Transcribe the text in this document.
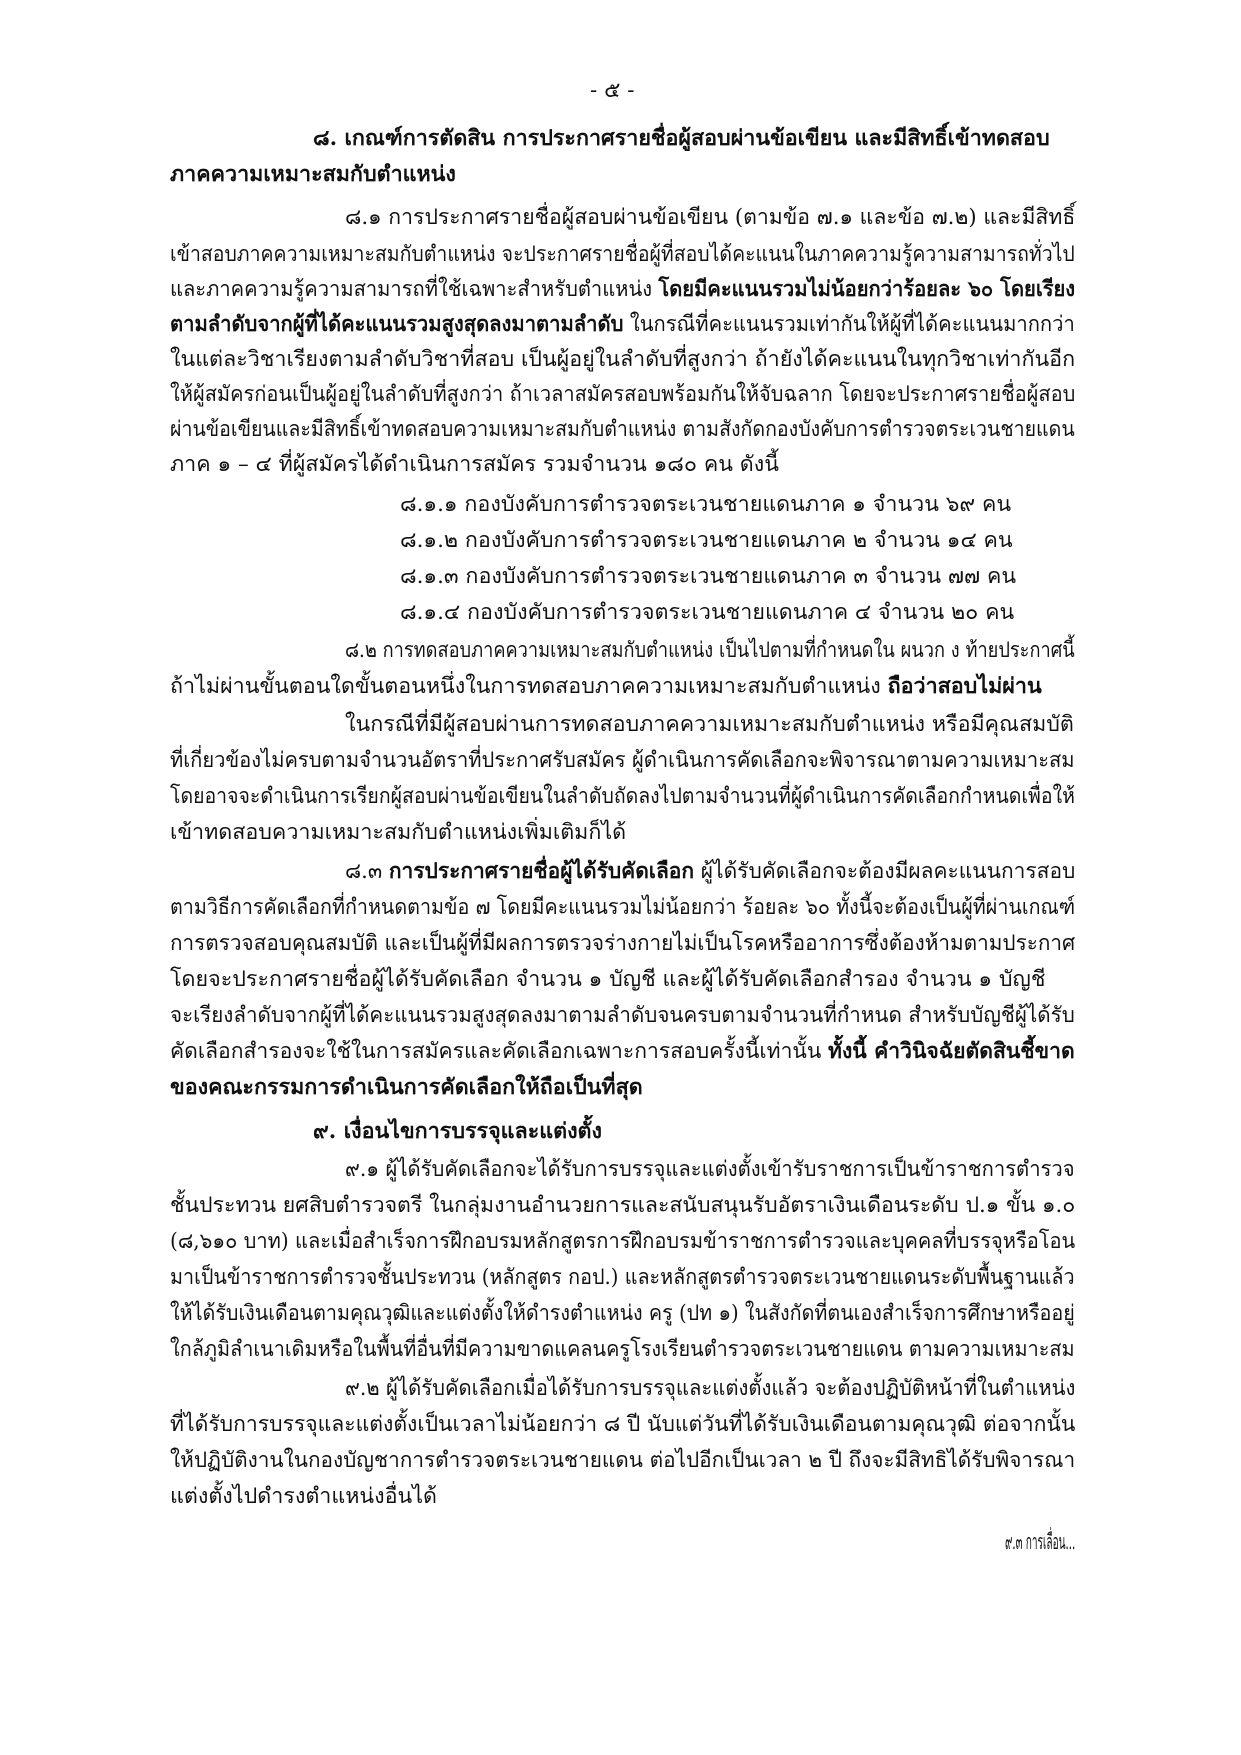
- ๕ -
๘. เกณฑ์การตัดสิน การประกาศรายชื่อผู้สอบผ่านข้อเขียน และมีสิทธิ์เข้าทดสอบ
ภาคความเหมาะสมกับตำแหน่ง
๘.๑ การประกาศรายชื่อผู้สอบผ่านข้อเขียน (ตามข้อ ๗.๑ และข้อ ๗.๒) และมีสิทธิ์
เข้าสอบภาคความเหมาะสมกับตำแหน่ง จะประกาศรายชื่อผู้ที่สอบได้คะแนนในภาคความรู้ความสามารถทั่วไป
และภาคความรู้ความสามารถที่ใช้เฉพาะสำหรับตำแหน่ง โดยมีคะแนนรวมไม่น้อยกว่าร้อยละ ๖๐ โดยเรียง
ตามลำดับจากผู้ที่ได้คะแนนรวมสูงสุดลงมาตามลำดับ ในกรณีที่คะแนนรวมเท่ากันให้ผู้ที่ได้คะแนนมากกว่า
ในแต่ละวิชาเรียงตามลำดับวิชาที่สอบ เป็นผู้อยู่ในลำดับที่สูงกว่า ถ้ายังได้คะแนนในทุกวิชาเท่ากันอีก
ให้ผู้สมัครก่อนเป็นผู้อยู่ในลำดับที่สูงกว่า ถ้าเวลาสมัครสอบพร้อมกันให้จับฉลาก โดยจะประกาศรายชื่อผู้สอบ
ผ่านข้อเขียนและมีสิทธิ์เข้าทดสอบความเหมาะสมกับตำแหน่ง ตามสังกัดกองบังคับการตำรวจตระเวนชายแดน
ภาค ๑ – ๔ ที่ผู้สมัครได้ดำเนินการสมัคร รวมจำนวน ๑๘๐ คน ดังนี้
๘.๑.๑ กองบังคับการตำรวจตระเวนชายแดนภาค ๑ จำนวน ๖๙ คน
๘.๑.๒ กองบังคับการตำรวจตระเวนชายแดนภาค ๒ จำนวน ๑๔ คน
๘.๑.๓ กองบังคับการตำรวจตระเวนชายแดนภาค ๓ จำนวน ๗๗ คน
๘.๑.๔ กองบังคับการตำรวจตระเวนชายแดนภาค ๔ จำนวน ๒๐ คน
๘.๒ การทดสอบภาคความเหมาะสมกับตำแหน่ง เป็นไปตามที่กำหนดใน ผนวก ง ท้ายประกาศนี้
ถ้าไม่ผ่านขั้นตอนใดขั้นตอนหนึ่งในการทดสอบภาคความเหมาะสมกับตำแหน่ง ถือว่าสอบไม่ผ่าน
ในกรณีที่มีผู้สอบผ่านการทดสอบภาคความเหมาะสมกับตำแหน่ง หรือมีคุณสมบัติ
ที่เกี่ยวข้องไม่ครบตามจำนวนอัตราที่ประกาศรับสมัคร ผู้ดำเนินการคัดเลือกจะพิจารณาตามความเหมาะสม
โดยอาจจะดำเนินการเรียกผู้สอบผ่านข้อเขียนในลำดับถัดลงไปตามจำนวนที่ผู้ดำเนินการคัดเลือกกำหนดเพื่อให้
เข้าทดสอบความเหมาะสมกับตำแหน่งเพิ่มเติมก็ได้
๘.๓ การประกาศรายชื่อผู้ได้รับคัดเลือก ผู้ได้รับคัดเลือกจะต้องมีผลคะแนนการสอบ
ตามวิธีการคัดเลือกที่กำหนดตามข้อ ๗ โดยมีคะแนนรวมไม่น้อยกว่า ร้อยละ ๖๐ ทั้งนี้จะต้องเป็นผู้ที่ผ่านเกณฑ์
การตรวจสอบคุณสมบัติ และเป็นผู้ที่มีผลการตรวจร่างกายไม่เป็นโรคหรืออาการซึ่งต้องห้ามตามประกาศ
โดยจะประกาศรายชื่อผู้ได้รับคัดเลือก จำนวน ๑ บัญชี และผู้ได้รับคัดเลือกสำรอง จำนวน ๑ บัญชี
จะเรียงลำดับจากผู้ที่ได้คะแนนรวมสูงสุดลงมาตามลำดับจนครบตามจำนวนที่กำหนด สำหรับบัญชีผู้ได้รับ
คัดเลือกสำรองจะใช้ในการสมัครและคัดเลือกเฉพาะการสอบครั้งนี้เท่านั้น ทั้งนี้ คำวินิจฉัยตัดสินชี้ขาด
ของคณะกรรมการดำเนินการคัดเลือกให้ถือเป็นที่สุด
๙. เงื่อนไขการบรรจุและแต่งตั้ง
๙.๑ ผู้ได้รับคัดเลือกจะได้รับการบรรจุและแต่งตั้งเข้ารับราชการเป็นข้าราชการตำรวจ
ชั้นประทวน ยศสิบตำรวจตรี ในกลุ่มงานอำนวยการและสนับสนุนรับอัตราเงินเดือนระดับ ป.๑ ขั้น ๑.๐
(๘,๖๑๐ บาท) และเมื่อสำเร็จการฝึกอบรมหลักสูตรการฝึกอบรมข้าราชการตำรวจและบุคคลที่บรรจุหรือโอน
มาเป็นข้าราชการตำรวจชั้นประทวน (หลักสูตร กอป.) และหลักสูตรตำรวจตระเวนชายแดนระดับพื้นฐานแล้ว
ให้ได้รับเงินเดือนตามคุณวุฒิและแต่งตั้งให้ดำรงตำแหน่ง ครู (ปท ๑) ในสังกัดที่ตนเองสำเร็จการศึกษาหรืออยู่
ใกล้ภูมิลำเนาเดิมหรือในพื้นที่อื่นที่มีความขาดแคลนครูโรงเรียนตำรวจตระเวนชายแดน ตามความเหมาะสม
๙.๒ ผู้ได้รับคัดเลือกเมื่อได้รับการบรรจุและแต่งตั้งแล้ว จะต้องปฏิบัติหน้าที่ในตำแหน่ง
ที่ได้รับการบรรจุและแต่งตั้งเป็นเวลาไม่น้อยกว่า ๘ ปี นับแต่วันที่ได้รับเงินเดือนตามคุณวุฒิ ต่อจากนั้น
ให้ปฏิบัติงานในกองบัญชาการตำรวจตระเวนชายแดน ต่อไปอีกเป็นเวลา ๒ ปี ถึงจะมีสิทธิได้รับพิจารณา
แต่งตั้งไปดำรงตำแหน่งอื่นได้
๙.๓ การเลื่อน...
